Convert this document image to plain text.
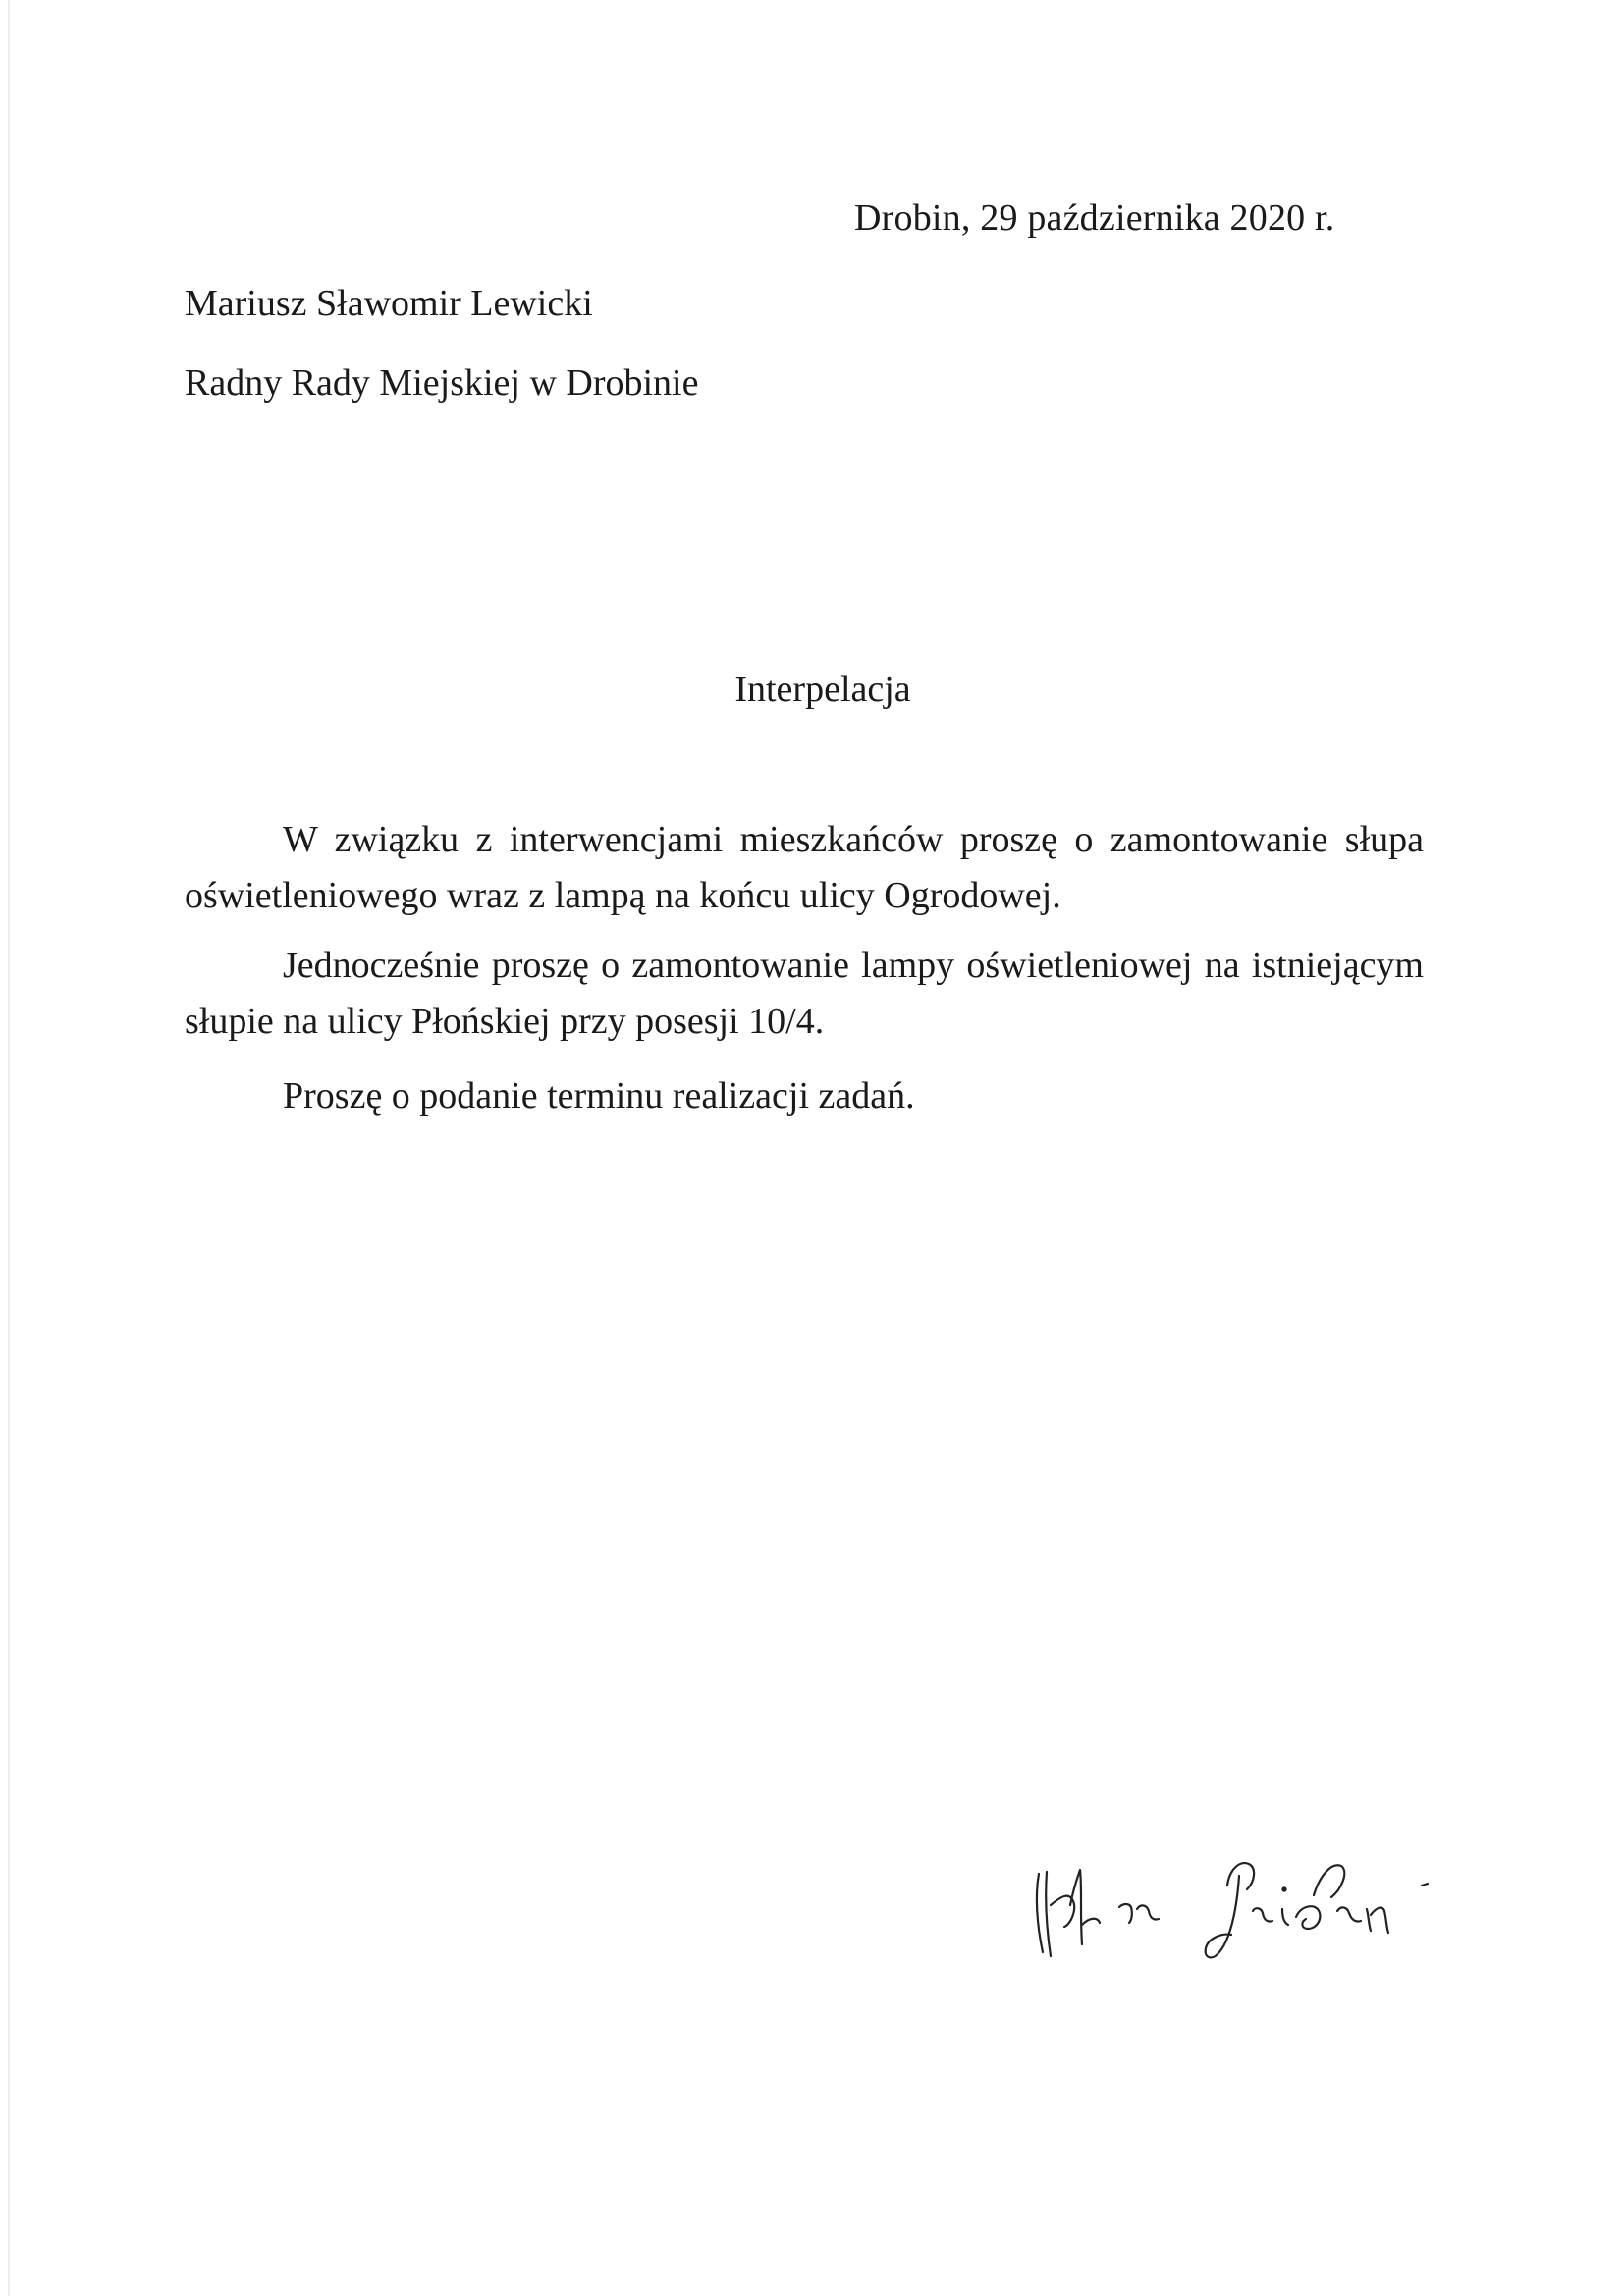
Drobin, 29 października 2020 r.
Mariusz Sławomir Lewicki
Radny Rady Miejskiej w Drobinie
Interpelacja

W związku z interwencjami mieszkańców proszę o zamontowanie słupa oświetleniowego wraz z lampą na końcu ulicy Ogrodowej.

Jednocześnie proszę o zamontowanie lampy oświetleniowej na istniejącym słupie na ulicy Płońskiej przy posesji 10/4.

Proszę o podanie terminu realizacji zadań.
